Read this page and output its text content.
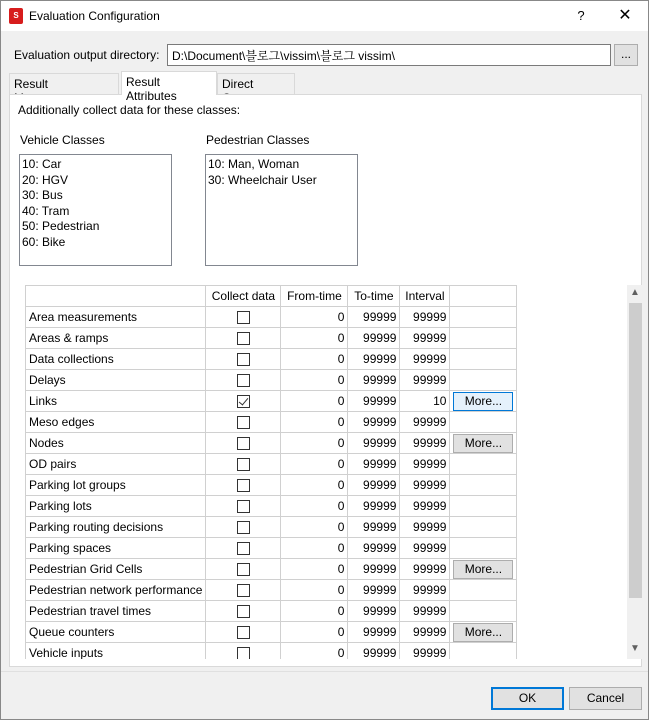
S Evaluation Configuration	?	✕
Evaluation output directory:
D:\Document\블로그\vissim\블로그 vissim\	...
Result	Result Attributes
Direct
Additionally collect data for these classes:
Vehicle Classes
10: Car
20: HGV
30: Bus
40: Tram
50: Pedestrian
60: Bike
Pedestrian Classes
10: Man, Woman
30: Wheelchair User
	Collect data	From-time	To-time	Interval	
Area measurements		0	99999	99999	
Areas & ramps		0	99999	99999	
Data collections		0	99999	99999	
Delays		0	99999	99999	
Links		0	99999	10	More...

Meso edges		0	99999	99999	
Nodes		0	99999	99999	More...

OD pairs		0	99999	99999	
Parking lot groups		0	99999	99999	
Parking lots		0	99999	99999	
Parking routing decisions		0	99999	99999	
Parking spaces		0	99999	99999	
Pedestrian Grid Cells		0	99999	99999	More...

Pedestrian network performance		0	99999	99999	
Pedestrian travel times		0	99999	99999	
Queue counters		0	99999	99999	More...

Vehicle inputs		0	99999	99999	
▲
▼
OK	Cancel
